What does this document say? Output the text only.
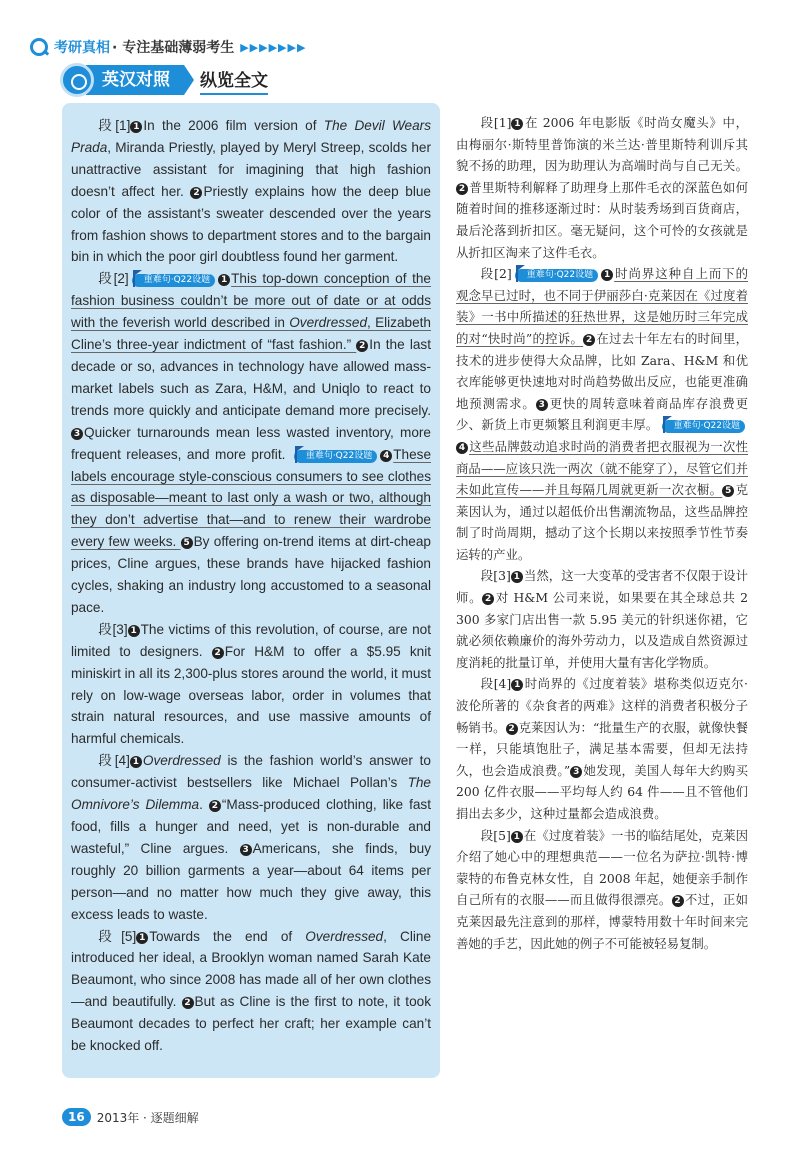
考研真相 · 专注基础薄弱考生 ▶▶▶▶▶▶▶
英汉对照	纵览全文

段[1] 1 In the 2006 film version of The Devil Wears Prada, Miranda Priestly, played by Meryl Streep, scolds her unattractive assistant for imagining that high fashion doesn’t affect her. 2 Priestly explains how the deep blue color of the assistant’s sweater descended over the years from fashion shows to department stores and to the bargain bin in which the poor girl doubtless found her garment.

段[2] 重难句·Q22设题 1 This top-down conception of the fashion business couldn’t be more out of date or at odds with the feverish world described in Overdressed, Elizabeth Cline’s three-year indictment of “fast fashion.” 2 In the last decade or so, advances in technology have allowed mass-market labels such as Zara, H&M, and Uniqlo to react to trends more quickly and anticipate demand more precisely. 3 Quicker turnarounds mean less wasted inventory, more frequent releases, and more profit. 重难句·Q22设题 4 These labels encourage style-conscious consumers to see clothes as disposable—meant to last only a wash or two, although they don’t advertise that—and to renew their wardrobe every few weeks. 5 By offering on-trend items at dirt-cheap prices, Cline argues, these brands have hijacked fashion cycles, shaking an industry long accustomed to a seasonal pace.

段[3] 1 The victims of this revolution, of course, are not limited to designers. 2 For H&M to offer a $5.95 knit miniskirt in all its 2,300-plus stores around the world, it must rely on low-wage overseas labor, order in volumes that strain natural resources, and use massive amounts of harmful chemicals.

段[4] 1 Overdressed is the fashion world’s answer to consumer-activist bestsellers like Michael Pollan’s The Omnivore’s Dilemma. 2 “Mass-produced clothing, like fast food, fills a hunger and need, yet is non-durable and wasteful,” Cline argues. 3 Americans, she finds, buy roughly 20 billion garments a year—about 64 items per person—and no matter how much they give away, this excess leads to waste.

段[5] 1 Towards the end of Overdressed, Cline introduced her ideal, a Brooklyn woman named Sarah Kate Beaumont, who since 2008 has made all of her own clothes—and beautifully. 2 But as Cline is the first to note, it took Beaumont decades to perfect her craft; her example can’t be knocked off.

段[1] 1 在 2006 年电影版《时尚女魔头》中，由梅丽尔·斯特里普饰演的米兰达·普里斯特利训斥其貌不扬的助理，因为助理认为高端时尚与自己无关。2 普里斯特利解释了助理身上那件毛衣的深蓝色如何随着时间的推移逐渐过时：从时装秀场到百货商店，最后沦落到折扣区。毫无疑问，这个可怜的女孩就是从折扣区淘来了这件毛衣。

段[2] 重难句·Q22设题 1 时尚界这种自上而下的观念早已过时，也不同于伊丽莎白·克莱因在《过度着装》一书中所描述的狂热世界，这是她历时三年完成的对“快时尚”的控诉。 2 在过去十年左右的时间里，技术的进步使得大众品牌，比如 Zara、H&M 和优衣库能够更快速地对时尚趋势做出反应，也能更准确地预测需求。 3 更快的周转意味着商品库存浪费更少、新货上市更频繁且利润更丰厚。 重难句·Q22设题4 这些品牌鼓动追求时尚的消费者把衣服视为一次性商品——应该只洗一两次（就不能穿了），尽管它们并未如此宣传——并且每隔几周就更新一次衣橱。 5 克莱因认为，通过以超低价出售潮流物品，这些品牌控制了时尚周期，撼动了这个长期以来按照季节性节奏运转的产业。

段[3] 1 当然，这一大变革的受害者不仅限于设计师。 2 对 H&M 公司来说，如果要在其全球总共 2 300 多家门店出售一款 5.95 美元的针织迷你裙，它就必须依赖廉价的海外劳动力，以及造成自然资源过度消耗的批量订单，并使用大量有害化学物质。

段[4] 1 时尚界的《过度着装》堪称类似迈克尔·波伦所著的《杂食者的两难》这样的消费者积极分子畅销书。 2 克莱因认为：“批量生产的衣服，就像快餐一样，只能填饱肚子，满足基本需要，但却无法持久，也会造成浪费。” 3 她发现，美国人每年大约购买 200 亿件衣服——平均每人约 64 件——且不管他们捐出去多少，这种过量都会造成浪费。

段[5] 1 在《过度着装》一书的临结尾处，克莱因介绍了她心中的理想典范——一位名为萨拉·凯特·博蒙特的布鲁克林女性，自 2008 年起，她便亲手制作自己所有的衣服——而且做得很漂亮。 2 不过，正如克莱因最先注意到的那样，博蒙特用数十年时间来完善她的手艺，因此她的例子不可能被轻易复制。

16	2013年 · 逐题细解
